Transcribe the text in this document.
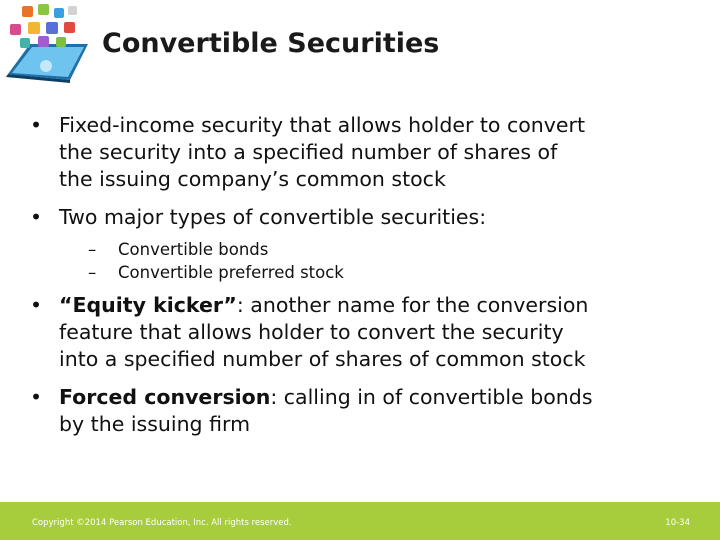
Convertible Securities
• Fixed-income security that allows holder to convert
the security into a specified number of shares of
the issuing company’s common stock
• Two major types of convertible securities:
– Convertible bonds
– Convertible preferred stock
• “Equity kicker”: another name for the conversion
feature that allows holder to convert the security
into a specified number of shares of common stock
• Forced conversion: calling in of convertible bonds
by the issuing firm
Copyright ©2014 Pearson Education, Inc. All rights reserved.	10-34
